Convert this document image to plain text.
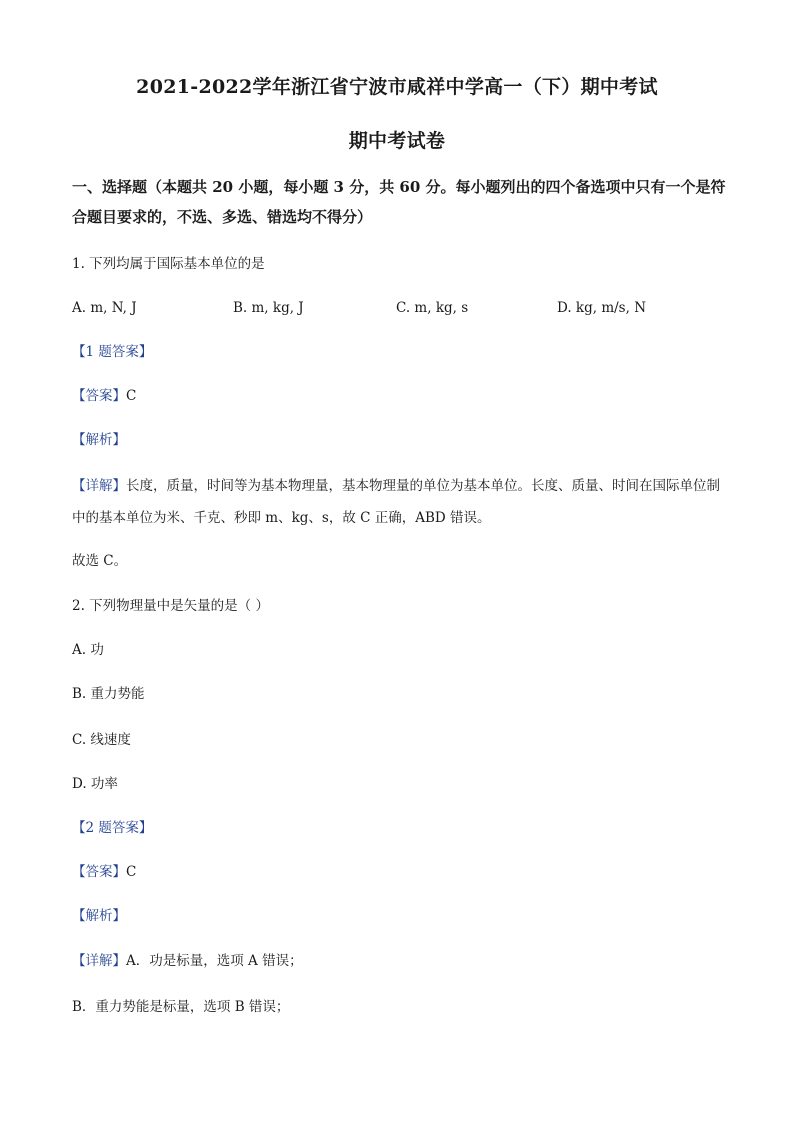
2021-2022学年浙江省宁波市咸祥中学高一（下）期中考试
期中考试卷
一、选择题（本题共 20 小题，每小题 3 分，共 60 分。每小题列出的四个备选项中只有一个是符合题目要求的，不选、多选、错选均不得分）
1. 下列均属于国际基本单位的是
A. m, N, J	B. m, kg, J	C. m, kg, s	D. kg, m/s, N
【1 题答案】
【答案】C
【解析】
【详解】长度，质量，时间等为基本物理量，基本物理量的单位为基本单位。长度、质量、时间在国际单位制中的基本单位为米、千克、秒即 m、kg、s，故 C 正确，ABD 错误。
故选 C。
2. 下列物理量中是矢量的是（ ）
A. 功
B. 重力势能
C. 线速度
D. 功率
【2 题答案】
【答案】C
【解析】
【详解】A．功是标量，选项 A 错误；
B．重力势能是标量，选项 B 错误；
